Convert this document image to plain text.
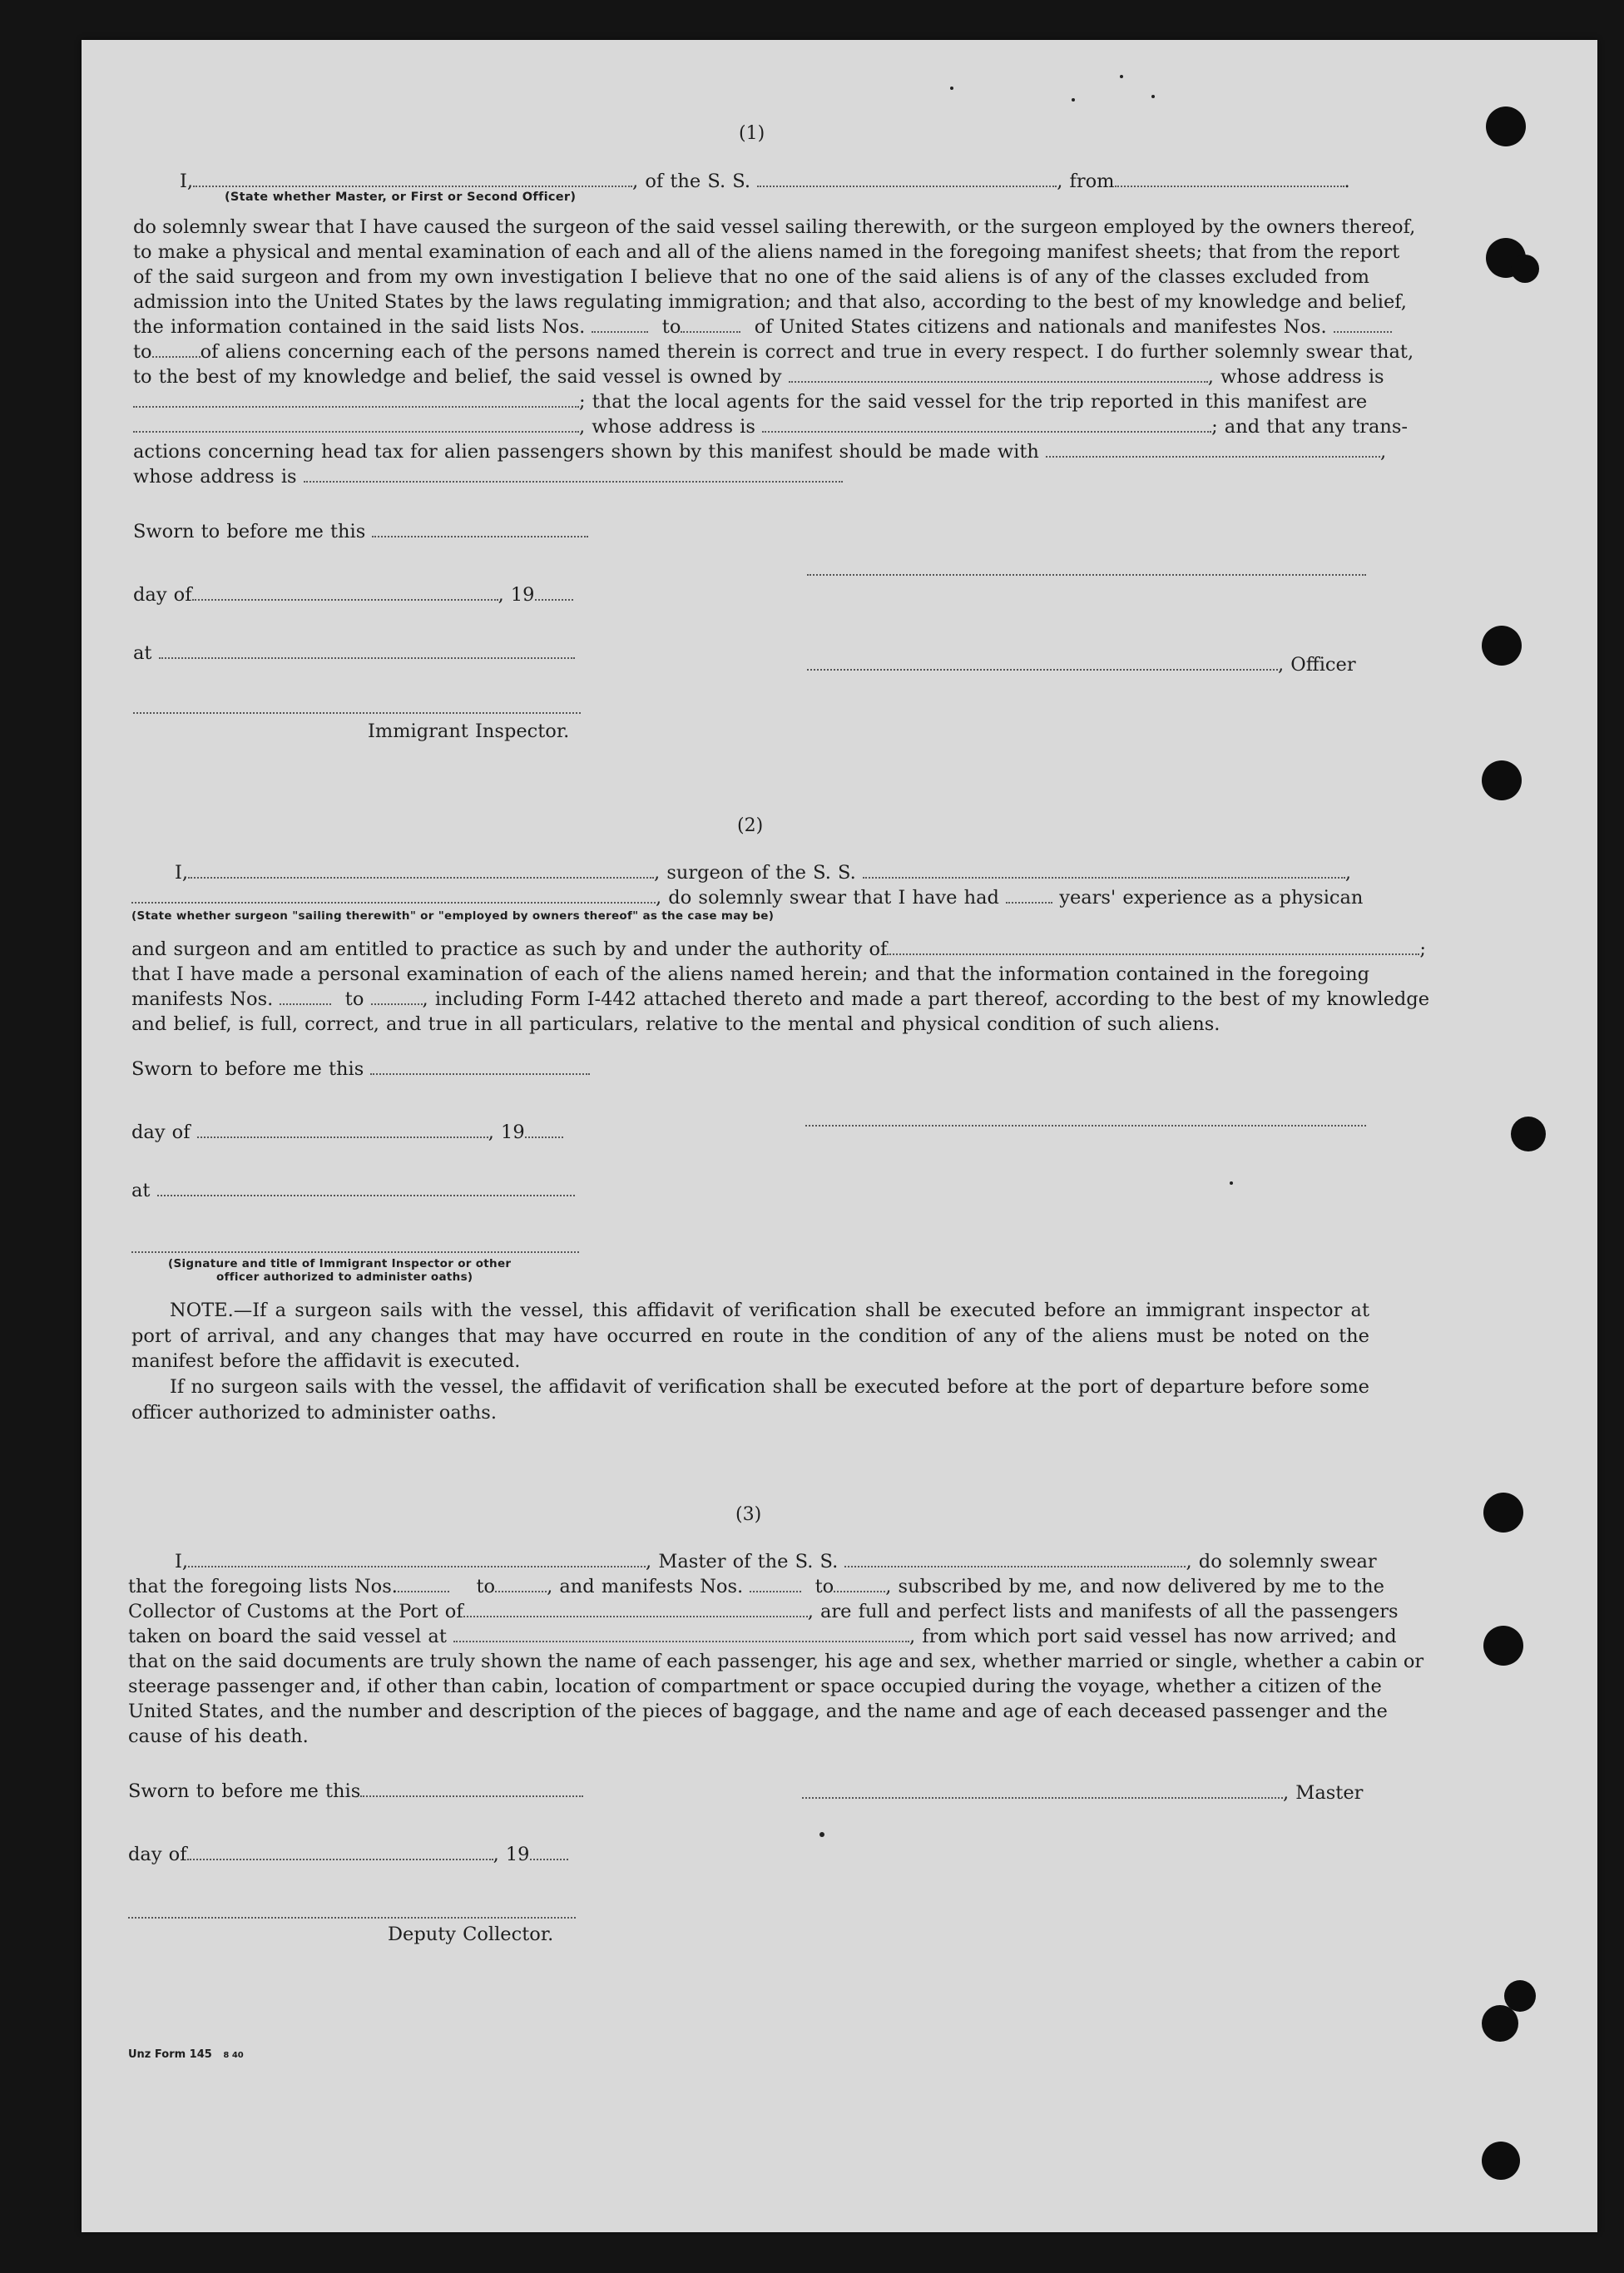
(1)
I,	, of the S. S.	, from	.
(State whether Master, or First or Second Officer)
do solemnly swear that I have caused the surgeon of the said vessel sailing therewith, or the surgeon employed by the owners thereof,
to make a physical and mental examination of each and all of the aliens named in the foregoing manifest sheets; that from the report
of the said surgeon and from my own investigation I believe that no one of the said aliens is of any of the classes excluded from
admission into the United States by the laws regulating immigration; and that also, according to the best of my knowledge and belief,
the information contained in the said lists Nos.	to	of United States citizens and nationals and manifestes Nos.
to	of aliens concerning each of the persons named therein is correct and true in every respect. I do further solemnly swear that,
to the best of my knowledge and belief, the said vessel is owned by	, whose address is
; that the local agents for the said vessel for the trip reported in this manifest are
, whose address is	; and that any trans-
actions concerning head tax for alien passengers shown by this manifest should be made with	,
whose address is
Sworn to before me this
day of	, 19
at
, Officer
Immigrant Inspector.
(2)
I,	, surgeon of the S. S.	,
, do solemnly swear that I have had	years' experience as a physican
(State whether surgeon "sailing therewith" or "employed by owners thereof" as the case may be)
and surgeon and am entitled to practice as such by and under the authority of	;
that I have made a personal examination of each of the aliens named herein; and that the information contained in the foregoing
manifests Nos.	to	, including Form I-442 attached thereto and made a part thereof, according to the best of my knowledge
and belief, is full, correct, and true in all particulars, relative to the mental and physical condition of such aliens.
Sworn to before me this
day of	, 19
at
(Signature and title of Immigrant Inspector or other
officer authorized to administer oaths)
NOTE.—If a surgeon sails with the vessel, this affidavit of verification shall be executed before an immigrant inspector at port of arrival, and any changes that may have occurred en route in the condition of any of the aliens must be noted on the manifest before the affidavit is executed.
If no surgeon sails with the vessel, the affidavit of verification shall be executed before at the port of departure before some officer authorized to administer oaths.
(3)
I,	, Master of the S. S.	, do solemnly swear
that the foregoing lists Nos.	to	, and manifests Nos.	to	, subscribed by me, and now delivered by me to the
Collector of Customs at the Port of	, are full and perfect lists and manifests of all the passengers
taken on board the said vessel at	, from which port said vessel has now arrived; and
that on the said documents are truly shown the name of each passenger, his age and sex, whether married or single, whether a cabin or
steerage passenger and, if other than cabin, location of compartment or space occupied during the voyage, whether a citizen of the
United States, and the number and description of the pieces of baggage, and the name and age of each deceased passenger and the
cause of his death.
Sworn to before me this	, Master
day of	, 19
Deputy Collector.
Unz Form 145 8 40
